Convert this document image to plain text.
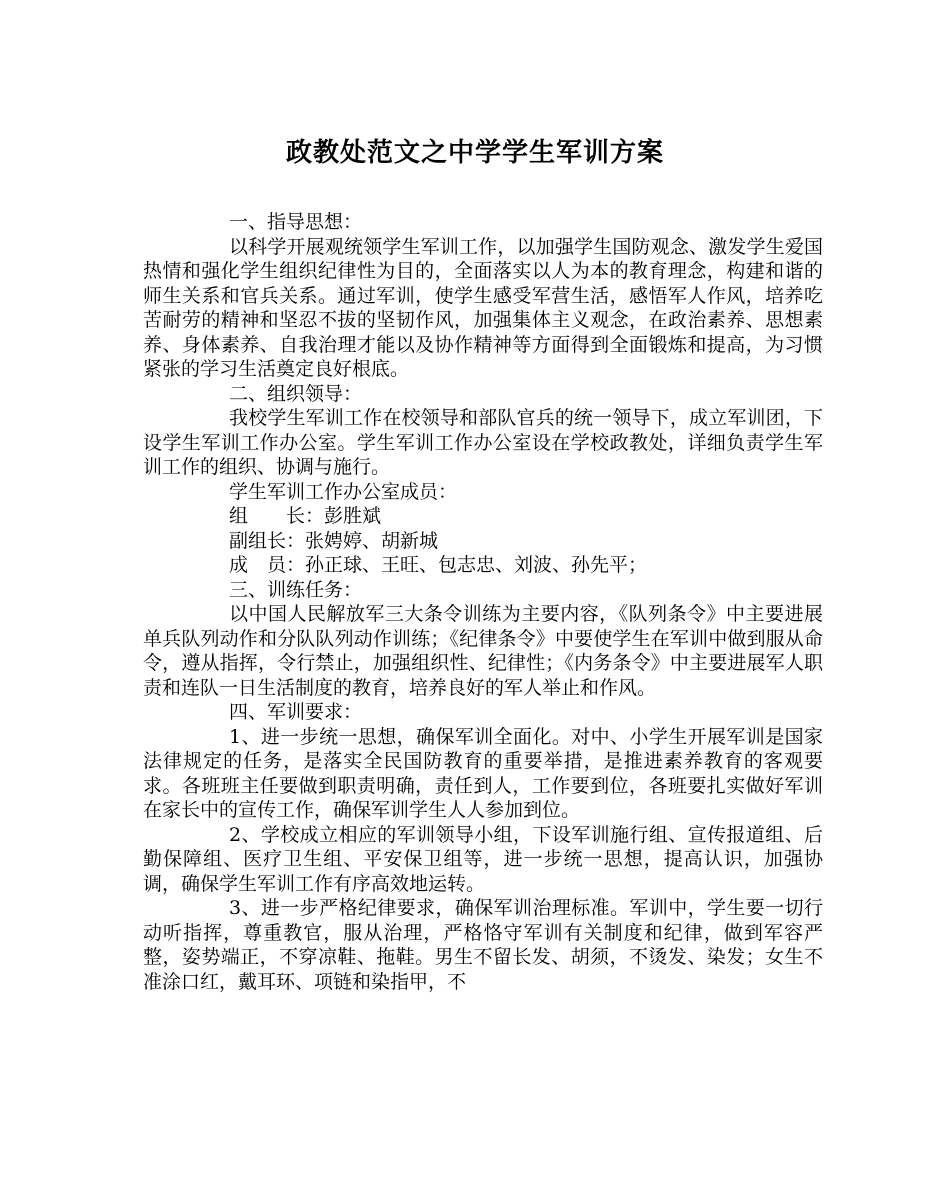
政教处范文之中学学生军训方案

一、指导思想：

以科学开展观统领学生军训工作，以加强学生国防观念、激发学生爱国热情和强化学生组织纪律性为目的，全面落实以人为本的教育理念，构建和谐的师生关系和官兵关系。通过军训，使学生感受军营生活，感悟军人作风，培养吃苦耐劳的精神和坚忍不拔的坚韧作风，加强集体主义观念，在政治素养、思想素养、身体素养、自我治理才能以及协作精神等方面得到全面锻炼和提高，为习惯紧张的学习生活奠定良好根底。

二、组织领导：

我校学生军训工作在校领导和部队官兵的统一领导下，成立军训团，下设学生军训工作办公室。学生军训工作办公室设在学校政教处，详细负责学生军训工作的组织、协调与施行。

学生军训工作办公室成员：

组　　长：彭胜斌

副组长：张娉婷、胡新城

成　员：孙正球、王旺、包志忠、刘波、孙先平；

三、训练任务：

以中国人民解放军三大条令训练为主要内容，《队列条令》中主要进展单兵队列动作和分队队列动作训练；《纪律条令》中要使学生在军训中做到服从命令，遵从指挥，令行禁止，加强组织性、纪律性；《内务条令》中主要进展军人职责和连队一日生活制度的教育，培养良好的军人举止和作风。

四、军训要求：

1、进一步统一思想，确保军训全面化。对中、小学生开展军训是国家法律规定的任务，是落实全民国防教育的重要举措，是推进素养教育的客观要求。各班班主任要做到职责明确，责任到人，工作要到位，各班要扎实做好军训在家长中的宣传工作，确保军训学生人人参加到位。

2、学校成立相应的军训领导小组，下设军训施行组、宣传报道组、后勤保障组、医疗卫生组、平安保卫组等，进一步统一思想，提高认识，加强协调，确保学生军训工作有序高效地运转。

3、进一步严格纪律要求，确保军训治理标准。军训中，学生要一切行动听指挥，尊重教官，服从治理，严格恪守军训有关制度和纪律，做到军容严整，姿势端正，不穿凉鞋、拖鞋。男生不留长发、胡须，不烫发、染发；女生不准涂口红，戴耳环、项链和染指甲，不
